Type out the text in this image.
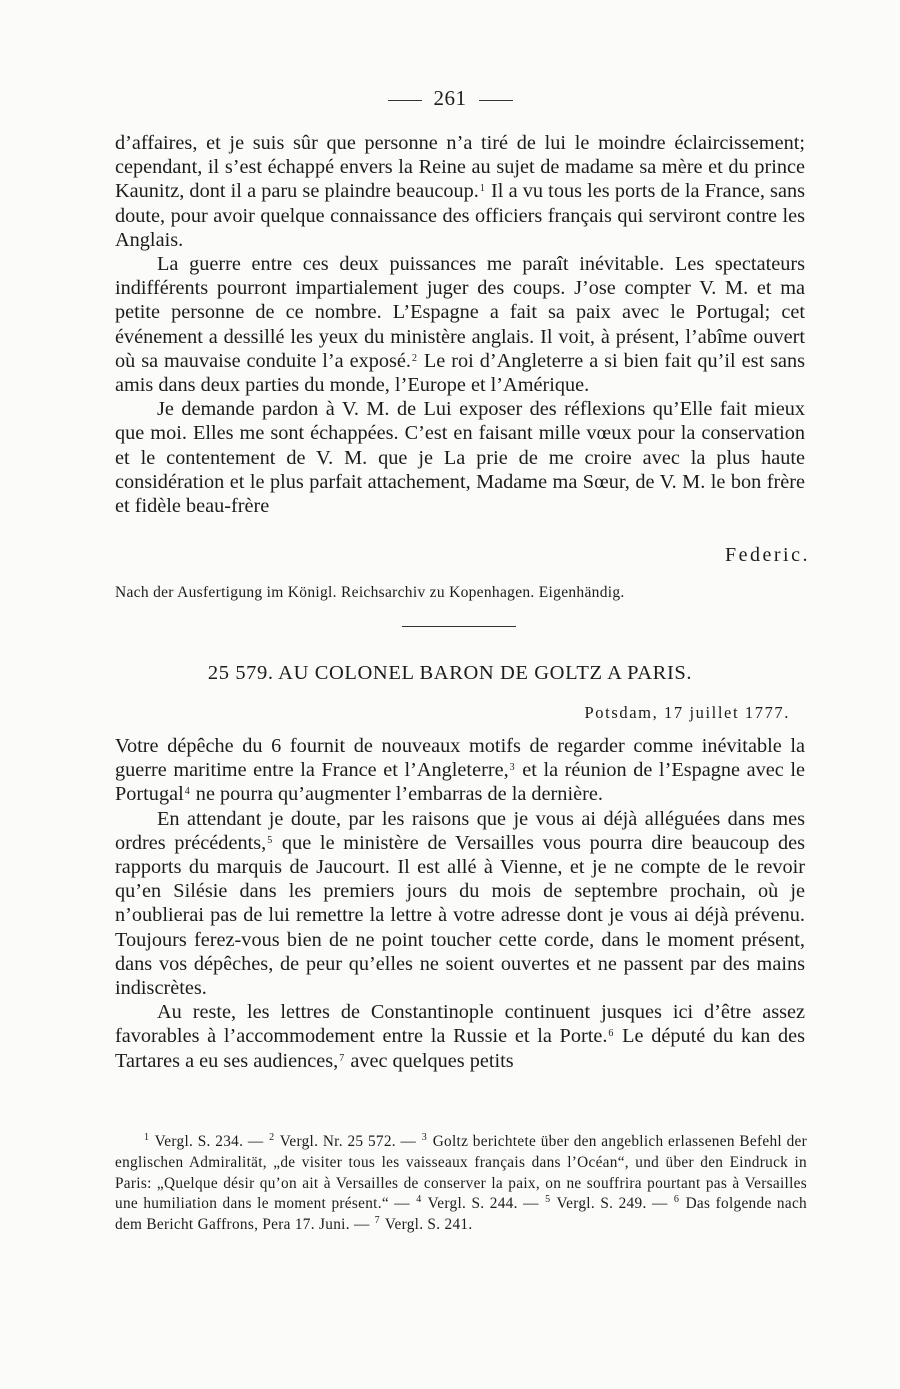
261

d’affaires, et je suis sûr que personne n’a tiré de lui le moindre éclaircissement; cependant, il s’est échappé envers la Reine au sujet de madame sa mère et du prince Kaunitz, dont il a paru se plaindre beaucoup.$^1$ Il a vu tous les ports de la France, sans doute, pour avoir quelque connaissance des officiers français qui serviront contre les Anglais.

La guerre entre ces deux puissances me paraît inévitable. Les spectateurs indifférents pourront impartialement juger des coups. J’ose compter V. M. et ma petite personne de ce nombre. L’Espagne a fait sa paix avec le Portugal; cet événement a dessillé les yeux du ministère anglais. Il voit, à présent, l’abîme ouvert où sa mauvaise conduite l’a exposé.$^2$ Le roi d’Angleterre a si bien fait qu’il est sans amis dans deux parties du monde, l’Europe et l’Amérique.

Je demande pardon à V. M. de Lui exposer des réflexions qu’Elle fait mieux que moi. Elles me sont échappées. C’est en faisant mille vœux pour la conservation et le contentement de V. M. que je La prie de me croire avec la plus haute considération et le plus parfait attachement, Madame ma Sœur, de V. M. le bon frère et fidèle beau-frère

Federic.
Nach der Ausfertigung im Königl. Reichsarchiv zu Kopenhagen. Eigenhändig.
25 579. AU COLONEL BARON DE GOLTZ A PARIS.
Potsdam, 17 juillet 1777.

Votre dépêche du 6 fournit de nouveaux motifs de regarder comme inévitable la guerre maritime entre la France et l’Angleterre,$^3$ et la réunion de l’Espagne avec le Portugal$^4$ ne pourra qu’augmenter l’embarras de la dernière.

En attendant je doute, par les raisons que je vous ai déjà alléguées dans mes ordres précédents,$^5$ que le ministère de Versailles vous pourra dire beaucoup des rapports du marquis de Jaucourt. Il est allé à Vienne, et je ne compte de le revoir qu’en Silésie dans les premiers jours du mois de septembre prochain, où je n’oublierai pas de lui remettre la lettre à votre adresse dont je vous ai déjà prévenu. Toujours ferez-vous bien de ne point toucher cette corde, dans le moment présent, dans vos dépêches, de peur qu’elles ne soient ouvertes et ne passent par des mains indiscrètes.

Au reste, les lettres de Constantinople continuent jusques ici d’être assez favorables à l’accommodement entre la Russie et la Porte.$^6$ Le député du kan des Tartares a eu ses audiences,$^7$ avec quelques petits

$^1$ Vergl. S. 234. — $^2$ Vergl. Nr. 25 572. — $^3$ Goltz berichtete über den angeblich erlassenen Befehl der englischen Admiralität, „de visiter tous les vaisseaux français dans l’Océan“, und über den Eindruck in Paris: „Quelque désir qu’on ait à Versailles de conserver la paix, on ne souffrira pourtant pas à Versailles une humiliation dans le moment présent.“ — $^4$ Vergl. S. 244. — $^5$ Vergl. S. 249. — $^6$ Das folgende nach dem Bericht Gaffrons, Pera 17. Juni. — $^7$ Vergl. S. 241.
